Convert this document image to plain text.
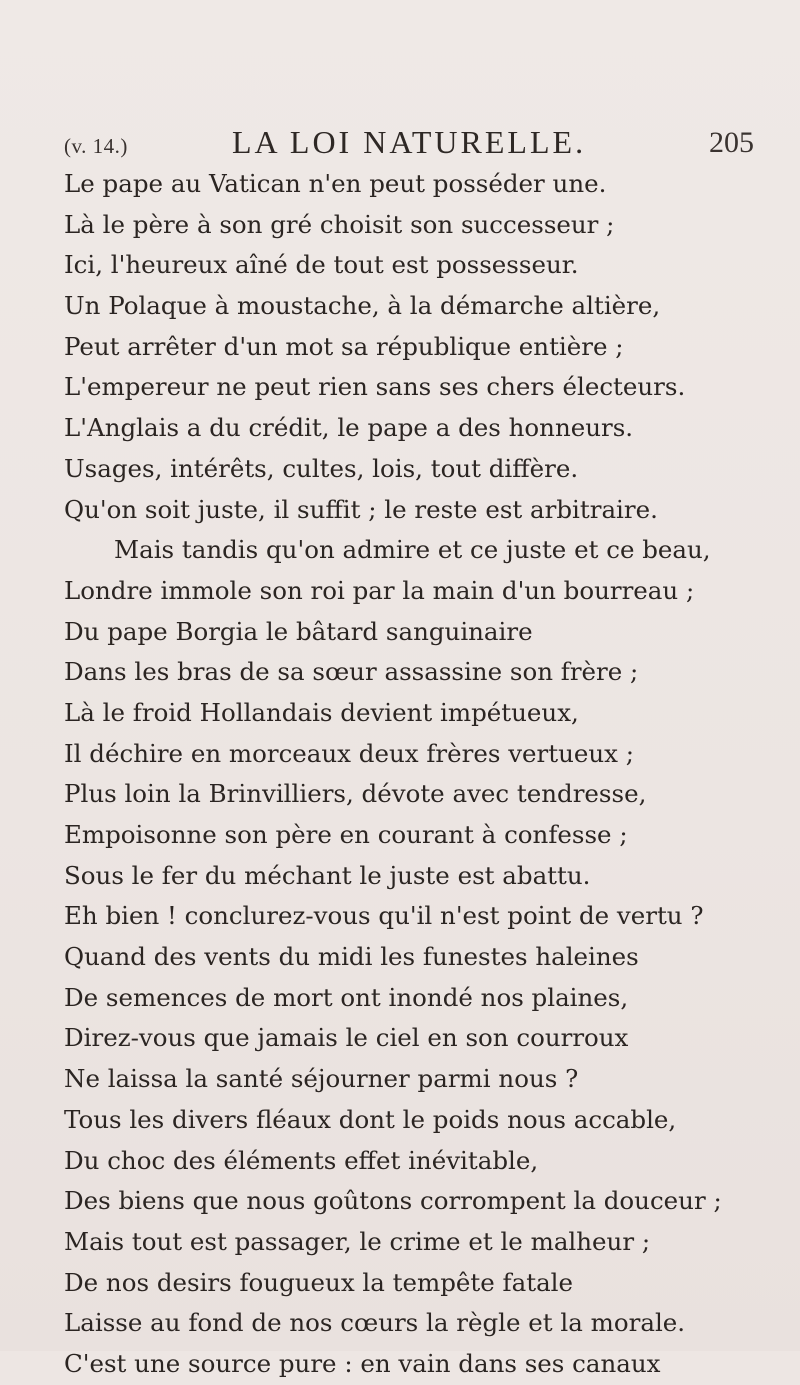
(v. 14.)	LA LOI NATURELLE.	205
Le pape au Vatican n'en peut posséder une.
Là le père à son gré choisit son successeur ;
Ici, l'heureux aîné de tout est possesseur.
Un Polaque à moustache, à la démarche altière,
Peut arrêter d'un mot sa république entière ;
L'empereur ne peut rien sans ses chers électeurs.
L'Anglais a du crédit, le pape a des honneurs.
Usages, intérêts, cultes, lois, tout diffère.
Qu'on soit juste, il suffit ; le reste est arbitraire.
Mais tandis qu'on admire et ce juste et ce beau,
Londre immole son roi par la main d'un bourreau ;
Du pape Borgia le bâtard sanguinaire
Dans les bras de sa sœur assassine son frère ;
Là le froid Hollandais devient impétueux,
Il déchire en morceaux deux frères vertueux ;
Plus loin la Brinvilliers, dévote avec tendresse,
Empoisonne son père en courant à confesse ;
Sous le fer du méchant le juste est abattu.
Eh bien ! conclurez-vous qu'il n'est point de vertu ?
Quand des vents du midi les funestes haleines
De semences de mort ont inondé nos plaines,
Direz-vous que jamais le ciel en son courroux
Ne laissa la santé séjourner parmi nous ?
Tous les divers fléaux dont le poids nous accable,
Du choc des éléments effet inévitable,
Des biens que nous goûtons corrompent la douceur ;
Mais tout est passager, le crime et le malheur ;
De nos desirs fougueux la tempête fatale
Laisse au fond de nos cœurs la règle et la morale.
C'est une source pure : en vain dans ses canaux
